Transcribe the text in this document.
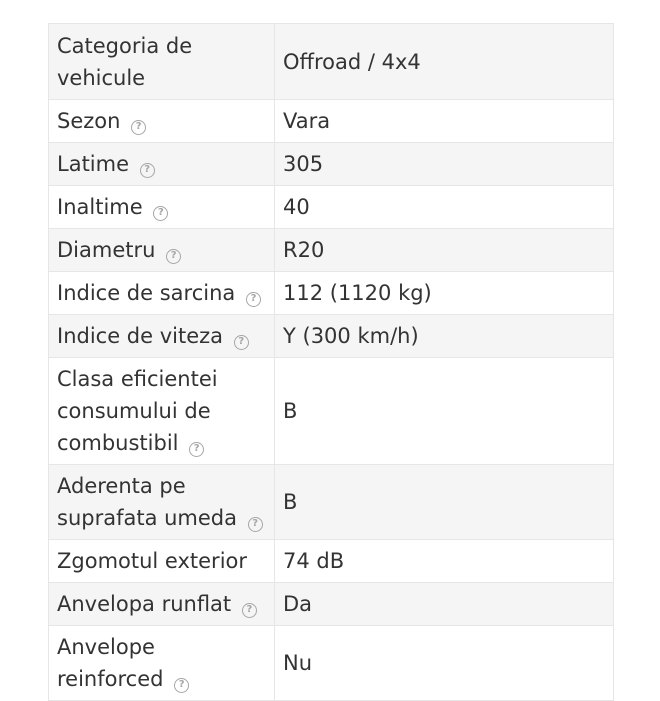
Categoria de vehicule	Offroad / 4x4
Sezon ?	Vara
Latime ?	305
Inaltime ?	40
Diametru ?	R20
Indice de sarcina ?	112 (1120 kg)
Indice de viteza ?	Y (300 km/h)
Clasa eficientei consumului de combustibil ?	B
Aderenta pe suprafata umeda ?	B
Zgomotul exterior	74 dB
Anvelopa runflat ?	Da
Anvelope reinforced ?	Nu
